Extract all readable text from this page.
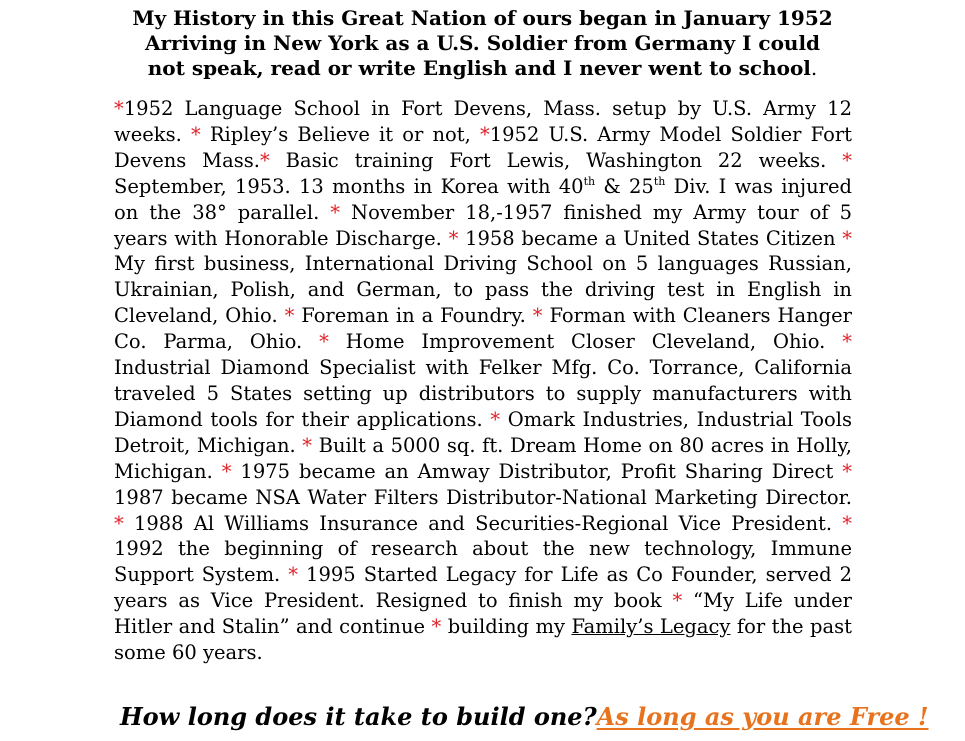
My History in this Great Nation of ours began in January 1952
Arriving in New York as a U.S. Soldier from Germany I could
not speak, read or write English and I never went to school.
*1952 Language School in Fort Devens, Mass. setup by U.S. Army 12 weeks. * Ripley’s Believe it or not, *1952 U.S. Army Model Soldier Fort Devens Mass.* Basic training Fort Lewis, Washington 22 weeks. * September, 1953. 13 months in Korea with 40th & 25th Div. I was injured on the 38° parallel. * November 18,-1957 finished my Army tour of 5 years with Honorable Discharge. * 1958 became a United States Citizen * My first business, International Driving School on 5 languages Russian, Ukrainian, Polish, and German, to pass the driving test in English in Cleveland, Ohio. * Foreman in a Foundry. * Forman with Cleaners Hanger Co. Parma, Ohio. * Home Improvement Closer Cleveland, Ohio. * Industrial Diamond Specialist with Felker Mfg. Co. Torrance, California traveled 5 States setting up distributors to supply manufacturers with Diamond tools for their applications. * Omark Industries, Industrial Tools Detroit, Michigan. * Built a 5000 sq. ft. Dream Home on 80 acres in Holly, Michigan. * 1975 became an Amway Distributor, Profit Sharing Direct * 1987 became NSA Water Filters Distributor-National Marketing Director. * 1988 Al Williams Insurance and Securities-Regional Vice President. * 1992 the beginning of research about the new technology, Immune Support System. * 1995 Started Legacy for Life as Co Founder, served 2 years as Vice President. Resigned to finish my book * “My Life under Hitler and Stalin” and continue * building my Family’s Legacy for the past some 60 years.
How long does it take to build one?As long as you are Free !
